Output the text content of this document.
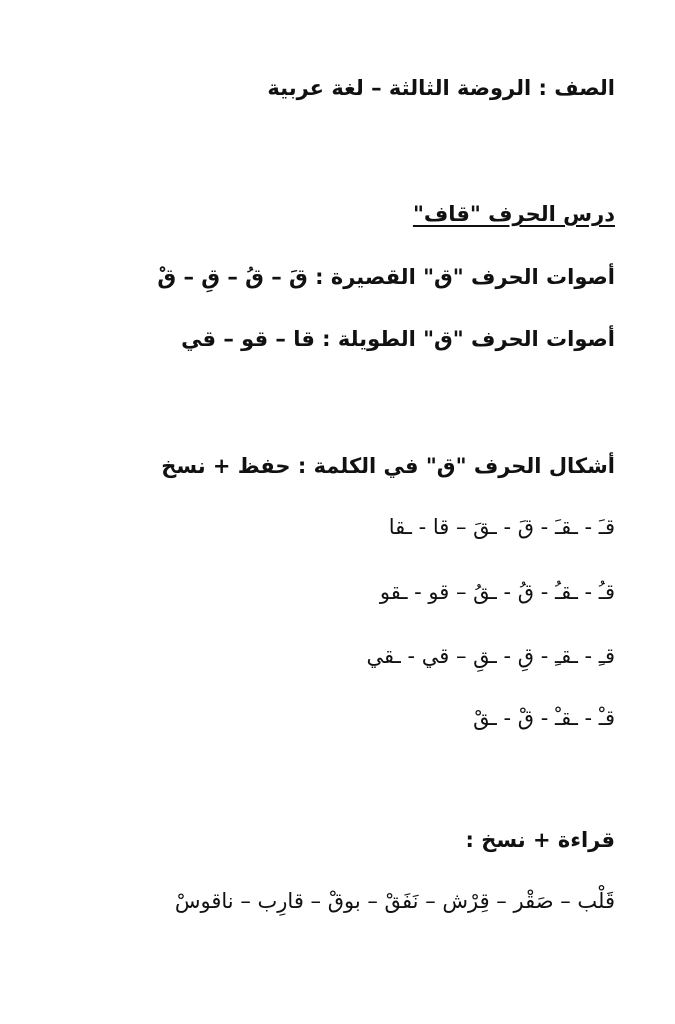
الصف : الروضة الثالثة – لغة عربية
درس الحرف "قاف"
أصوات الحرف "ق" القصيرة : قَ – قُ – قِ – قْ
أصوات الحرف "ق" الطويلة : قا – قو – قي
أشكال الحرف "ق" في الكلمة : حفظ + نسخ
قـَ - ـقـَ - قَ - ـقَ – قا - ـقا
قـُ - ـقـُ - قُ - ـقُ – قو - ـقو
قـِ - ـقـِ - قِ - ـقِ – قي - ـقي
قـْ - ـقـْ - قْ - ـقْ
قراءة + نسخ :
قَلْب – صَقْر – قِرْش – نَفَقْ – بوقْ – قارِب – ناقوسْ
